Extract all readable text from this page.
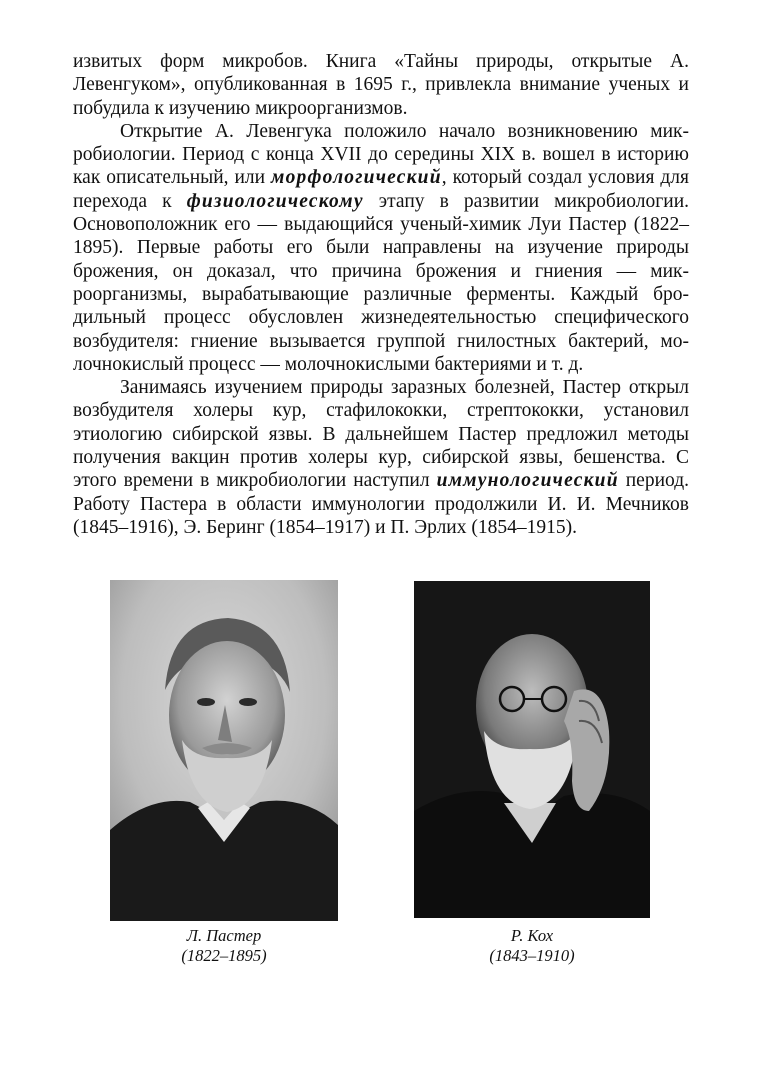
извитых форм микробов. Книга «Тайны природы, открытые А. Левенгуком», опубликованная в 1695 г., привлекла внимание ученых и побудила к изучению микроорганизмов.

Открытие А. Левенгука положило начало возникновению микробиологии. Период с конца XVII до середины XIX в. вошел в историю как описательный, или морфологический, который создал условия для перехода к физиологическому этапу в развитии микробиологии. Основоположник его — выдающийся ученый-химик Луи Пастер (1822–1895). Первые работы его были направлены на изучение природы брожения, он доказал, что причина брожения и гниения — микроорганизмы, вырабатывающие различные ферменты. Каждый бродильный процесс обусловлен жизнедеятельностью специфического возбудителя: гниение вызывается группой гнилостных бактерий, молочнокислый процесс — молочнокислыми бактериями и т. д.

Занимаясь изучением природы заразных болезней, Пастер открыл возбудителя холеры кур, стафилококки, стрептококки, установил этиологию сибирской язвы. В дальнейшем Пастер предложил методы получения вакцин против холеры кур, сибирской язвы, бешенства. С этого времени в микробиологии наступил иммунологический период. Работу Пастера в области иммунологии продолжили И. И. Мечников (1845–1916), Э. Беринг (1854–1917) и П. Эрлих (1854–1915).

Л. Пастер
(1822–1895)
Р. Кох
(1843–1910)
